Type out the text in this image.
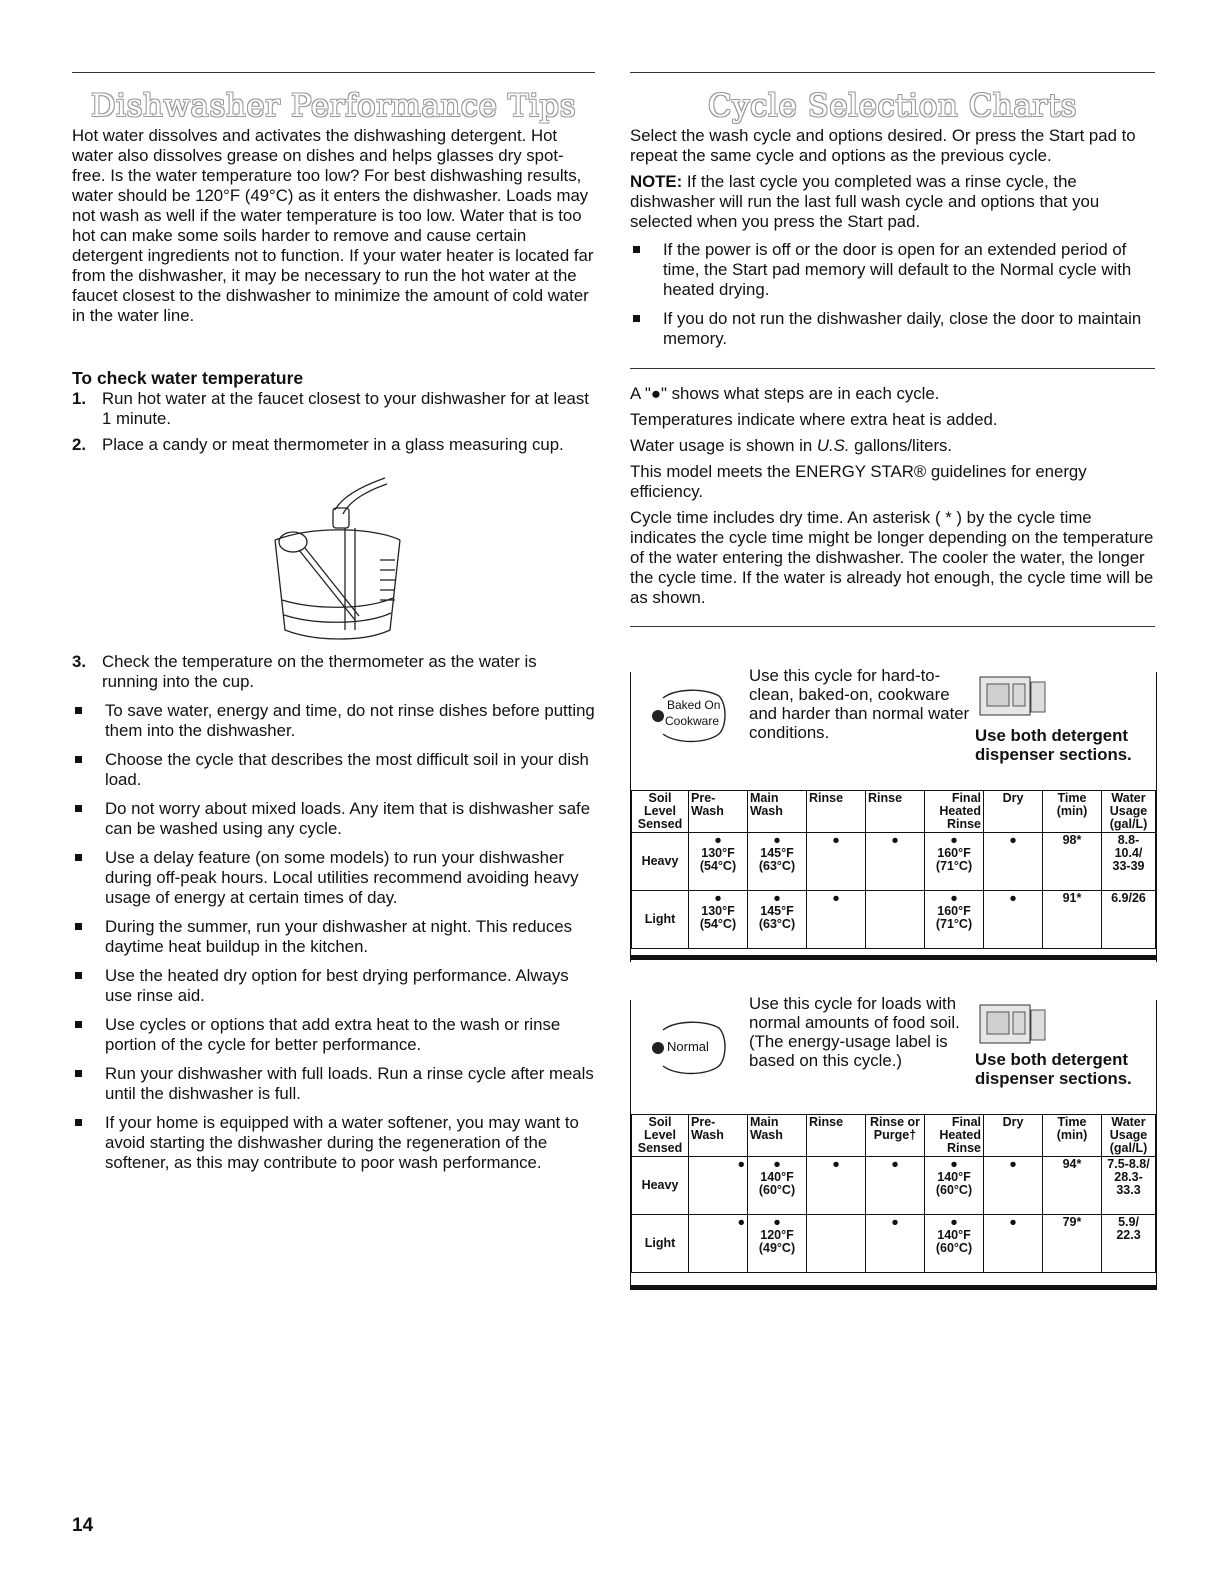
Dishwasher Performance Tips
Hot water dissolves and activates the dishwashing detergent. Hot water also dissolves grease on dishes and helps glasses dry spot-free. Is the water temperature too low? For best dishwashing results, water should be 120°F (49°C) as it enters the dishwasher. Loads may not wash as well if the water temperature is too low. Water that is too hot can make some soils harder to remove and cause certain detergent ingredients not to function. If your water heater is located far from the dishwasher, it may be necessary to run the hot water at the faucet closest to the dishwasher to minimize the amount of cold water in the water line.
To check water temperature
1. Run hot water at the faucet closest to your dishwasher for at least 1 minute.
2. Place a candy or meat thermometer in a glass measuring cup.
3. Check the temperature on the thermometer as the water is running into the cup.
To save water, energy and time, do not rinse dishes before putting them into the dishwasher.
Choose the cycle that describes the most difficult soil in your dish load.
Do not worry about mixed loads. Any item that is dishwasher safe can be washed using any cycle.
Use a delay feature (on some models) to run your dishwasher during off-peak hours. Local utilities recommend avoiding heavy usage of energy at certain times of day.
During the summer, run your dishwasher at night. This reduces daytime heat buildup in the kitchen.
Use the heated dry option for best drying performance. Always use rinse aid.
Use cycles or options that add extra heat to the wash or rinse portion of the cycle for better performance.
Run your dishwasher with full loads. Run a rinse cycle after meals until the dishwasher is full.
If your home is equipped with a water softener, you may want to avoid starting the dishwasher during the regeneration of the softener, as this may contribute to poor wash performance.
14
Cycle Selection Charts

Select the wash cycle and options desired. Or press the Start pad to repeat the same cycle and options as the previous cycle.

NOTE: If the last cycle you completed was a rinse cycle, the dishwasher will run the last full wash cycle and options that you selected when you press the Start pad.

If the power is off or the door is open for an extended period of time, the Start pad memory will default to the Normal cycle with heated drying.
If you do not run the dishwasher daily, close the door to maintain memory.

A "●" shows what steps are in each cycle.

Temperatures indicate where extra heat is added.

Water usage is shown in U.S. gallons/liters.

This model meets the ENERGY STAR® guidelines for energy efficiency.

Cycle time includes dry time. An asterisk ( * ) by the cycle time indicates the cycle time might be longer depending on the temperature of the water entering the dishwasher. The cooler the water, the longer the cycle time. If the water is already hot enough, the cycle time will be as shown.

Baked On
Cookware
Use this cycle for hard-to-clean, baked-on, cookware and harder than normal water conditions.	Use both detergent dispenser sections.
Soil Level Sensed	Pre-Wash	Main Wash	Rinse	Rinse	Final Heated Rinse	Dry	Time (min)	Water Usage (gal/L)
Heavy	●
130°F
(54°C)	●
145°F
(63°C)	●	●	●
160°F
(71°C)	●	98*	8.8-
10.4/
33-39
Light	●
130°F
(54°C)	●
145°F
(63°C)	●		●
160°F
(71°C)	●	91*	6.9/26
Normal
Use this cycle for loads with normal amounts of food soil. (The energy-usage label is based on this cycle.)	Use both detergent dispenser sections.
Soil Level Sensed	Pre-Wash	Main Wash	Rinse	Rinse or Purge†	Final Heated Rinse	Dry	Time (min)	Water Usage (gal/L)
Heavy	●	●
140°F
(60°C)	●	●	●
140°F
(60°C)	●	94*	7.5-8.8/
28.3-
33.3
Light	●	●
120°F
(49°C)		●	●
140°F
(60°C)	●	79*	5.9/
22.3
